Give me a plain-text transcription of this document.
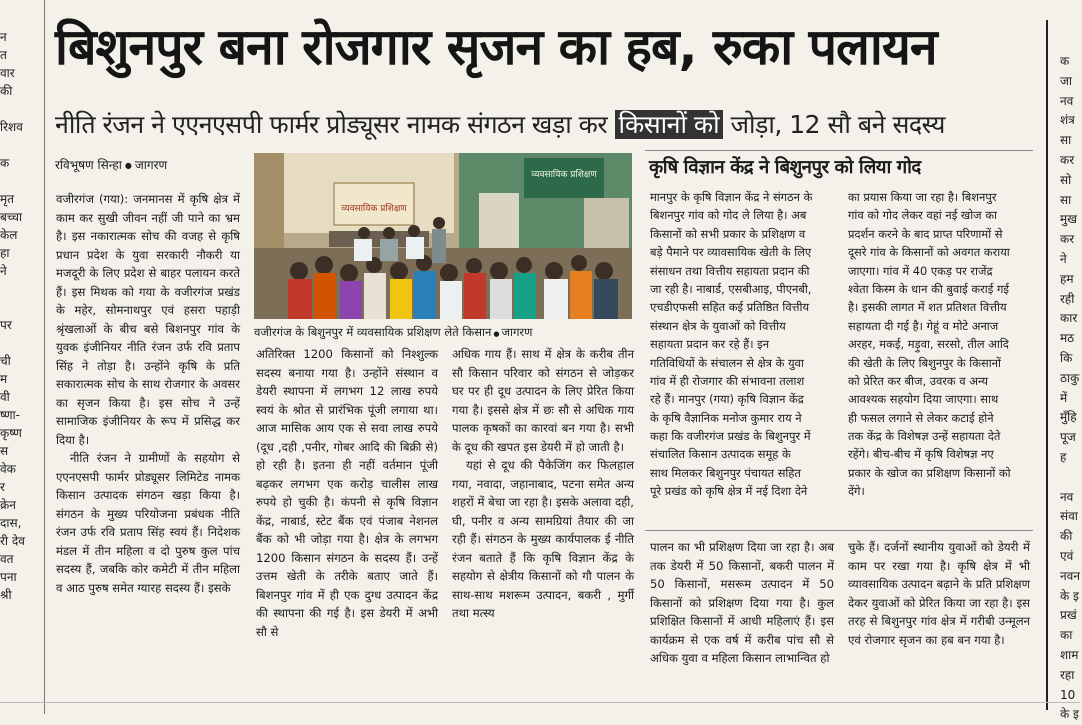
न
त
वार
की
रिशव
क
मृत
बच्चा
केल
हा
ने
पर
ची
म
वी
ष्णा-
कृष्ण
स
वेक
र
क्रेन
दास,
री देव
वत
पना
श्री
क
जा
नव
शंत्र
सा
कर
सो
सा
मुख
कर
ने
हम
रही
कार
मठ
कि
ठाकु
में
मुँहि
पूज
ह
नव
संवा
की
एवं
नवन
के इ
प्रखं
का
शाम
रहा
10
के इ
बिशुनपुर बना रोजगार सृजन का हब, रुका पलायन
नीति रंजन ने एएनएसपी फार्मर प्रोड्यूसर नामक संगठन खड़ा कर किसानों को जोड़ा, 12 सौ बने सदस्य
रविभूषण सिन्हा ● जागरण

वजीरगंज (गया): जनमानस में कृषि क्षेत्र में काम कर सुखी जीवन नहीं जी पाने का भ्रम है। इस नकारात्मक सोच की वजह से कृषि प्रधान प्रदेश के युवा सरकारी नौकरी या मजदूरी के लिए प्रदेश से बाहर पलायन करते हैं। इस मिथक को गया के वजीरगंज प्रखंड के महेर, सोमनाथपुर एवं हसरा पहाड़ी श्रृंखलाओं के बीच बसे बिशनपुर गांव के युवक इंजीनियर नीति रंजन उर्फ रवि प्रताप सिंह ने तोड़ा है। उन्होंने कृषि के प्रति सकारात्मक सोच के साथ रोजगार के अवसर का सृजन किया है। इस सोच ने उन्हें सामाजिक इंजीनियर के रूप में प्रसिद्ध कर दिया है।

नीति रंजन ने ग्रामीणों के सहयोग से एएनएसपी फार्मर प्रोड्यूसर लिमिटेड नामक किसान उत्पादक संगठन खड़ा किया है। संगठन के मुख्य परियोजना प्रबंधक नीति रंजन उर्फ रवि प्रताप सिंह स्वयं हैं। निदेशक मंडल में तीन महिला व दो पुरुष कुल पांच सदस्य हैं, जबकि कोर कमेटी में तीन महिला व आठ पुरुष समेत ग्यारह सदस्य हैं। इसके

व्यवसायिक प्रशिक्षण
व्यवसायिक प्रशिक्षण
वजीरगंज के बिशुनपुर में व्यवसायिक प्रशिक्षण लेते किसान ● जागरण

अतिरिक्त 1200 किसानों को निश्शुल्क सदस्य बनाया गया है। उन्होंने संस्थान व डेयरी स्थापना में लगभग 12 लाख रुपये स्वयं के श्रोत से प्रारंभिक पूंजी लगाया था। आज मासिक आय एक से सवा लाख रुपये (दूध ,दही ,पनीर, गोबर आदि की बिक्री से) हो रही है। इतना ही नहीं वर्तमान पूंजी बढ़कर लगभग एक करोड़ चालीस लाख रुपये हो चुकी है। कंपनी से कृषि विज्ञान केंद्र, नाबार्ड, स्टेट बैंक एवं पंजाब नेशनल बैंक को भी जोड़ा गया है। क्षेत्र के लगभग 1200 किसान संगठन के सदस्य हैं। उन्हें उत्तम खेती के तरीके बताए जाते हैं। बिशनपुर गांव में ही एक दुग्ध उत्पादन केंद्र की स्थापना की गई है। इस डेयरी में अभी सौ से

अधिक गाय हैं। साथ में क्षेत्र के करीब तीन सौ किसान परिवार को संगठन से जोड़कर घर पर ही दूध उत्पादन के लिए प्रेरित किया गया है। इससे क्षेत्र में छः सौ से अधिक गाय पालक कृषकों का कारवां बन गया है। सभी के दूध की खपत इस डेयरी में हो जाती है।

यहां से दूध की पैकेजिंग कर फिलहाल गया, नवादा, जहानाबाद, पटना समेत अन्य शहरों में बेचा जा रहा है। इसके अलावा दही, घी, पनीर व अन्य सामग्रियां तैयार की जा रही हैं। संगठन के मुख्य कार्यपालक ई नीति रंजन बताते हैं कि कृषि विज्ञान केंद्र के सहयोग से क्षेत्रीय किसानों को गौ पालन के साथ-साथ मशरूम उत्पादन, बकरी , मुर्गी तथा मत्स्य

कृषि विज्ञान केंद्र ने बिशुनपुर को लिया गोद
मानपुर के कृषि विज्ञान केंद्र ने संगठन के
बिशनपुर गांव को गोद ले लिया है। अब
किसानों को सभी प्रकार के प्रशिक्षण व
बड़े पैमाने पर व्यावसायिक खेती के लिए
संसाधन तथा वित्तीय सहायता प्रदान की
जा रही है। नाबार्ड, एसबीआइ, पीएनबी,
एचडीएफसी सहित कई प्रतिष्ठित वित्तीय
संस्थान क्षेत्र के युवाओं को वित्तीय
सहायता प्रदान कर रहे हैं। इन
गतिविधियों के संचालन से क्षेत्र के युवा
गांव में ही रोजगार की संभावना तलाश
रहे हैं। मानपुर (गया) कृषि विज्ञान केंद्र
के कृषि वैज्ञानिक मनोज कुमार राय ने
कहा कि वजीरगंज प्रखंड के बिशुनपुर में
संचालित किसान उत्पादक समूह के
साथ मिलकर बिशुनपुर पंचायत सहित
पूरे प्रखंड को कृषि क्षेत्र में नई दिशा देने
का प्रयास किया जा रहा है। बिशनपुर
गांव को गोद लेकर वहां नई खोज का
प्रदर्शन करने के बाद प्राप्त परिणामों से
दूसरे गांव के किसानों को अवगत कराया
जाएगा। गांव में 40 एकड़ पर राजेंद्र
श्वेता किस्म के धान की बुवाई कराई गई
है। इसकी लागत में शत प्रतिशत वित्तीय
सहायता दी गई है। गेहूं व मोटे अनाज
अरहर, मकई, मड़ुवा, सरसो, तील आदि
की खेती के लिए बिशुनपुर के किसानों
को प्रेरित कर बीज, उवरक व अन्य
आवश्यक सहयोग दिया जाएगा। साथ
ही फसल लगाने से लेकर कटाई होने
तक केंद्र के विशेषज्ञ उन्हें सहायता देते
रहेंगे। बीच-बीच में कृषि विशेषज्ञ नए
प्रकार के खोज का प्रशिक्षण किसानों को
देंगे।

पालन का भी प्रशिक्षण दिया जा रहा है। अब तक डेयरी में 50 किसानों, बकरी पालन में 50 किसानों, मसरूम उत्पादन में 50 किसानों को प्रशिक्षण दिया गया है। कुल प्रशिक्षित किसानों में आधी महिलाएं हैं। इस कार्यक्रम से एक वर्ष में करीब पांच सौ से अधिक युवा व महिला किसान लाभान्वित हो

चुके हैं। दर्जनों स्थानीय युवाओं को डेयरी में काम पर रखा गया है। कृषि क्षेत्र में भी व्यावसायिक उत्पादन बढ़ाने के प्रति प्रशिक्षण देकर युवाओं को प्रेरित किया जा रहा है। इस तरह से बिशुनपुर गांव क्षेत्र में गरीबी उन्मूलन एवं रोजगार सृजन का हब बन गया है।
